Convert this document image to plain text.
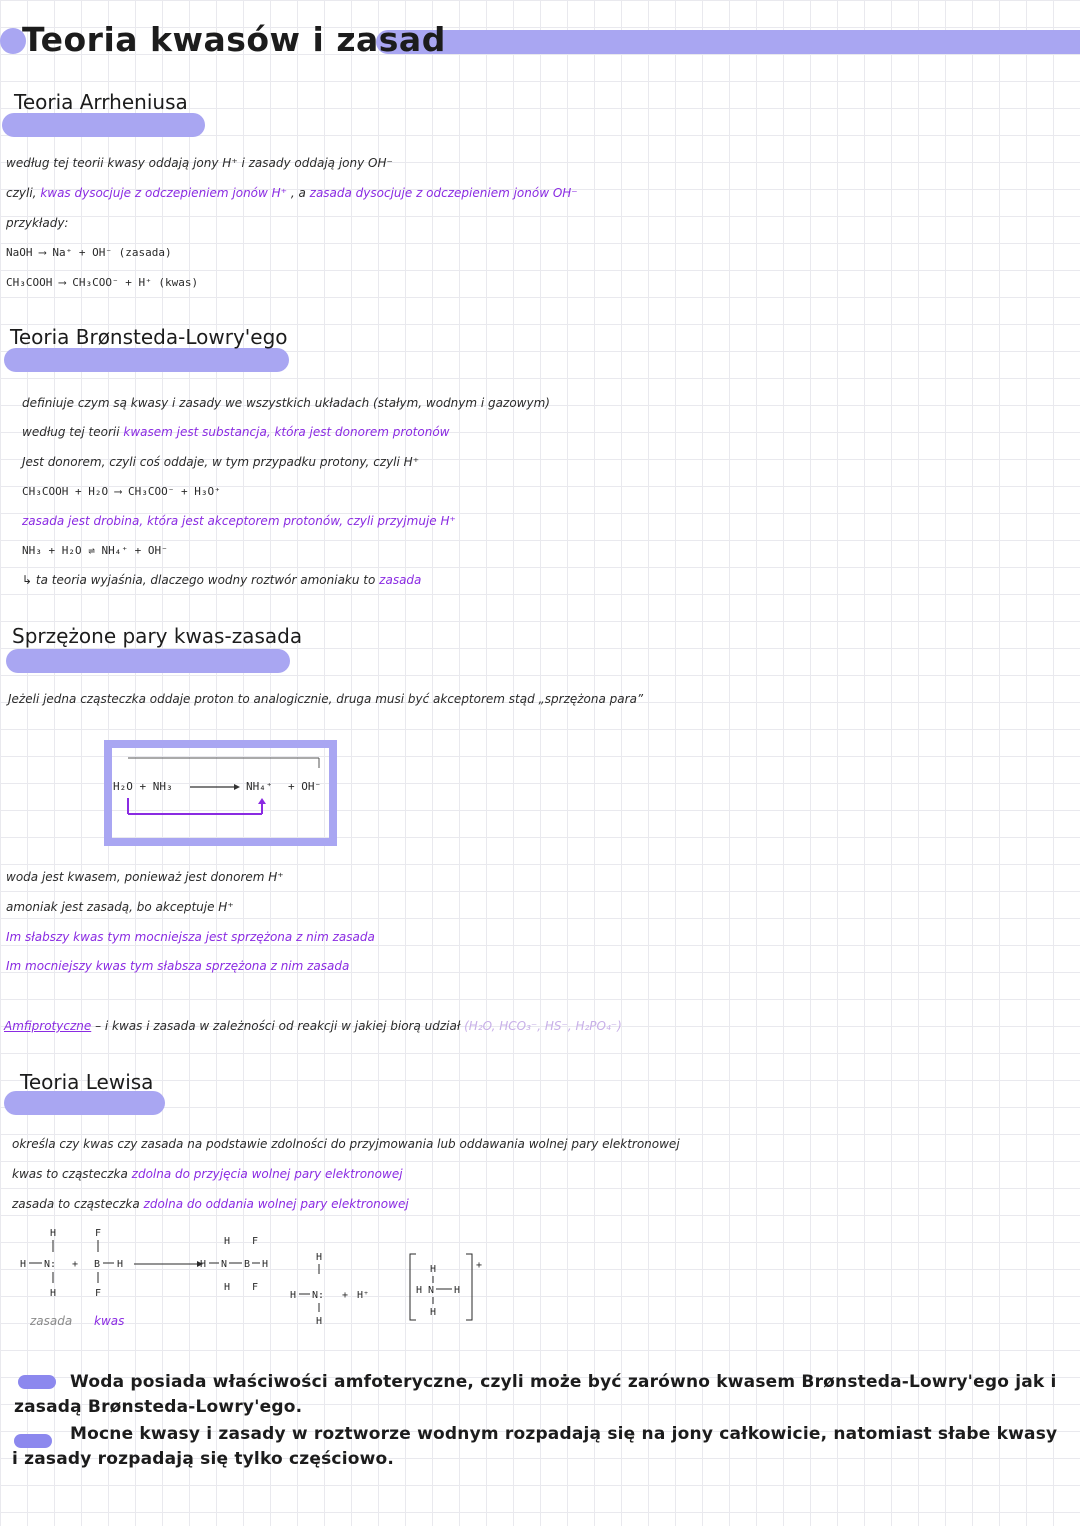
Teoria kwasów i zasad
Teoria Arrheniusa
według tej teorii kwasy oddają jony H⁺ i zasady oddają jony OH⁻
czyli, kwas dysocjuje z odczepieniem jonów H⁺ , a zasada dysocjuje z odczepieniem jonów OH⁻
przykłady:
NaOH ⟶ Na⁺ + OH⁻ (zasada)
CH₃COOH ⟶ CH₃COO⁻ + H⁺ (kwas)
Teoria Brønsteda-Lowry'ego
definiuje czym są kwasy i zasady we wszystkich układach (stałym, wodnym i gazowym)
według tej teorii kwasem jest substancja, która jest donorem protonów
Jest donorem, czyli coś oddaje, w tym przypadku protony, czyli H⁺
CH₃COOH + H₂O ⟶ CH₃COO⁻ + H₃O⁺
zasada jest drobina, która jest akceptorem protonów, czyli przyjmuje H⁺
NH₃ + H₂O ⇌ NH₄⁺ + OH⁻
↳ ta teoria wyjaśnia, dlaczego wodny roztwór amoniaku to zasada
Sprzężone pary kwas-zasada
Jeżeli jedna cząsteczka oddaje proton to analogicznie, druga musi być akceptorem stąd „sprzężona para”
H₂O + NH₃	NH₄⁺ + OH⁻
woda jest kwasem, ponieważ jest donorem H⁺
amoniak jest zasadą, bo akceptuje H⁺
Im słabszy kwas tym mocniejsza jest sprzężona z nim zasada
Im mocniejszy kwas tym słabsza sprzężona z nim zasada
Amfiprotyczne – i kwas i zasada w zależności od reakcji w jakiej biorą udział (H₂O, HCO₃⁻, HS⁻, H₂PO₄⁻)
Teoria Lewisa
określa czy kwas czy zasada na podstawie zdolności do przyjmowania lub oddawania wolnej pary elektronowej
kwas to cząsteczka zdolna do przyjęcia wolnej pary elektronowej
zasada to cząsteczka zdolna do oddania wolnej pary elektronowej
H
H N: +
H
F
B H
F
H F
H N B H
H F
H
H N: + H⁺
H
+
H
H N H
H
zasada kwas
Woda posiada właściwości amfoteryczne, czyli może być zarówno kwasem Brønsteda-Lowry'ego jak i
zasadą Brønsteda-Lowry'ego.
Mocne kwasy i zasady w roztworze wodnym rozpadają się na jony całkowicie, natomiast słabe kwasy
i zasady rozpadają się tylko częściowo.
